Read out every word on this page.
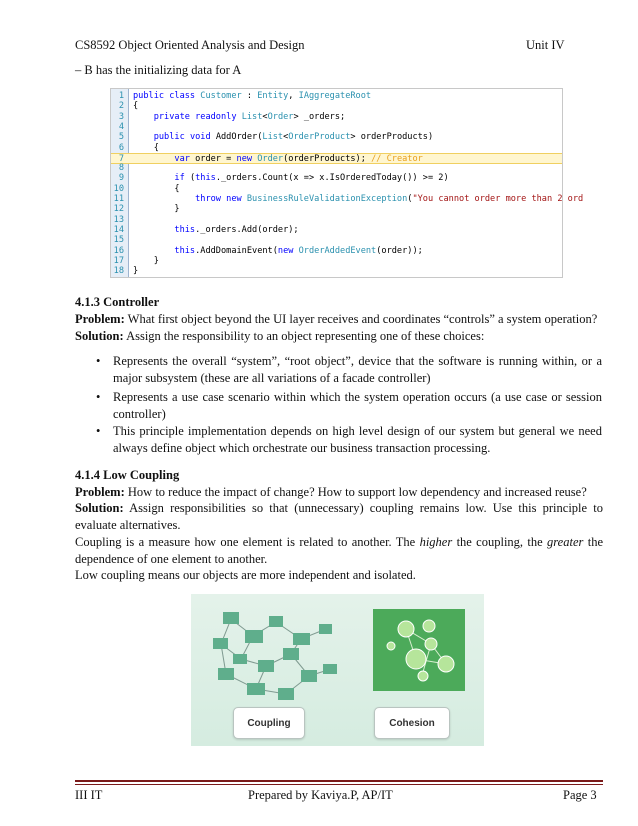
CS8592 Object Oriented Analysis and Design	Unit IV
– B has the initializing data for A
1 public class Customer : Entity, IAggregateRoot
2 {
3	private readonly List<Order> _orders;
4
5	public void AddOrder(List<OrderProduct> orderProducts)
6 {
7	var order = new Order(orderProducts); // Creator
8
9	if (this._orders.Count(x => x.IsOrderedToday()) >= 2)
10 {
11	throw new BusinessRuleValidationException("You cannot order more than 2 ord
12 }
13
14	this._orders.Add(order);
15
16	this.AddDomainEvent(new OrderAddedEvent(order));
17 }
18 }
4.1.3 Controller
Problem: What first object beyond the UI layer receives and coordinates “controls” a system operation?
Solution: Assign the responsibility to an object representing one of these choices:
• Represents the overall “system”, “root object”, device that the software is running within, or a major subsystem (these are all variations of a facade controller)
• Represents a use case scenario within which the system operation occurs (a use case or session controller)
• This principle implementation depends on high level design of our system but general we need always define object which orchestrate our business transaction processing.
4.1.4 Low Coupling
Problem: How to reduce the impact of change? How to support low dependency and increased reuse?
Solution: Assign responsibilities so that (unnecessary) coupling remains low. Use this principle to evaluate alternatives.
Coupling is a measure how one element is related to another. The higher the coupling, the greater the dependence of one element to another.
Low coupling means our objects are more independent and isolated.
Coupling	Cohesion
III IT	Prepared by Kaviya.P, AP/IT	Page 3
